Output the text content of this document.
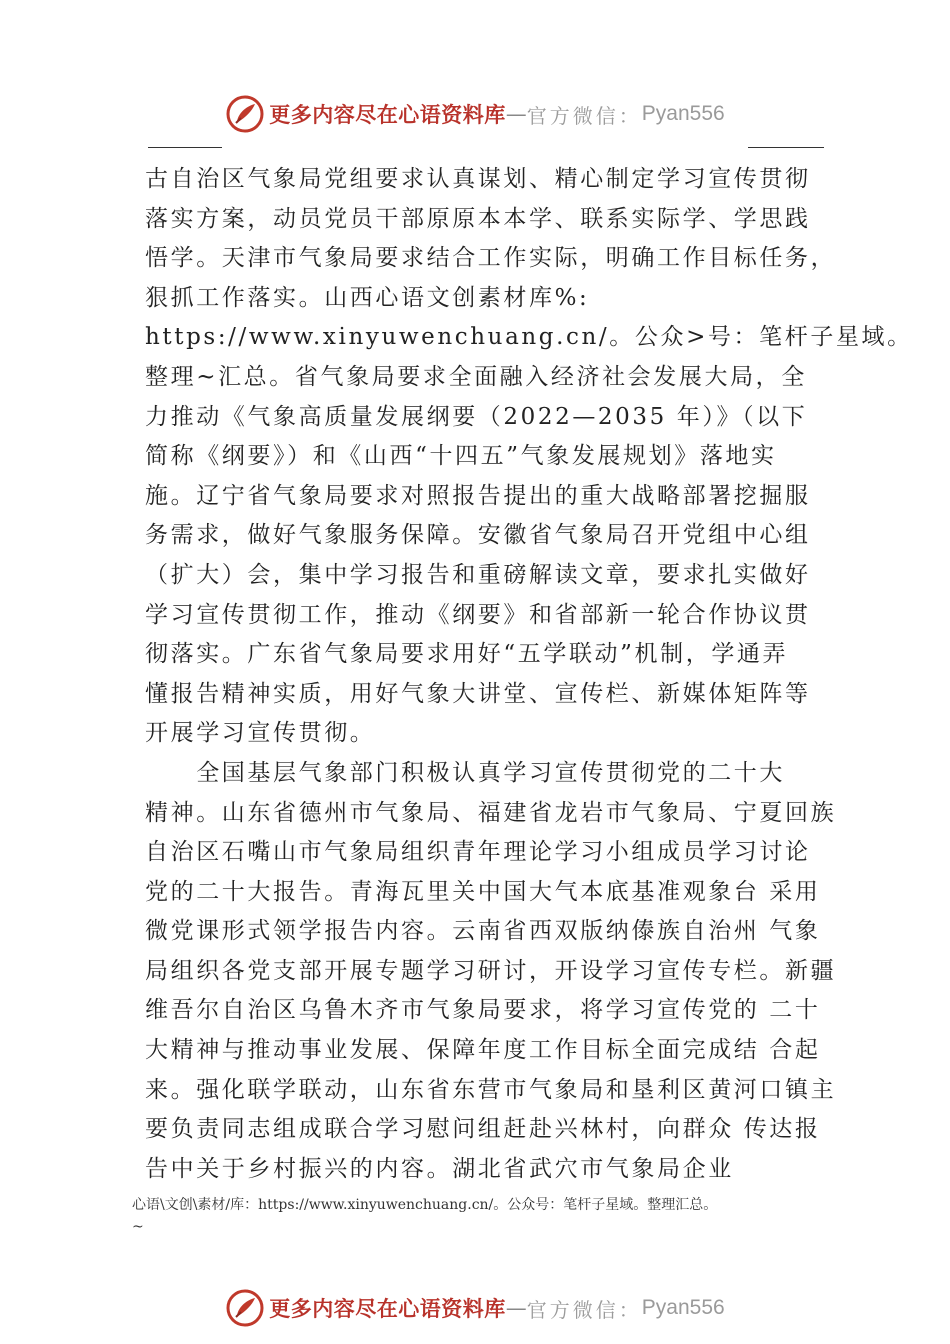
更多内容尽在心语资料库 — 官方微信： Pyan556
古自治区气象局党组要求认真谋划、精心制定学习宣传贯彻
落实方案，动员党员干部原原本本学、联系实际学、学思践
悟学。天津市气象局要求结合工作实际，明确工作目标任务，
狠抓工作落实。山西心语文创素材库%:
https://www.xinyuwenchuang.cn/。公众>号：笔杆子星域。
整理~汇总。省气象局要求全面融入经济社会发展大局，全
力推动《气象高质量发展纲要（2022—2035 年）》（以下
简称《纲要》）和《山西“十四五”气象发展规划》落地实
施。辽宁省气象局要求对照报告提出的重大战略部署挖掘服
务需求，做好气象服务保障。安徽省气象局召开党组中心组
（扩大）会，集中学习报告和重磅解读文章，要求扎实做好
学习宣传贯彻工作，推动《纲要》和省部新一轮合作协议贯
彻落实。广东省气象局要求用好“五学联动”机制，学通弄
懂报告精神实质，用好气象大讲堂、宣传栏、新媒体矩阵等
开展学习宣传贯彻。
　　全国基层气象部门积极认真学习宣传贯彻党的二十大
精神。山东省德州市气象局、福建省龙岩市气象局、宁夏回族
自治区石嘴山市气象局组织青年理论学习小组成员学习讨论
党的二十大报告。青海瓦里关中国大气本底基准观象台 采用
微党课形式领学报告内容。云南省西双版纳傣族自治州 气象
局组织各党支部开展专题学习研讨，开设学习宣传专栏。新疆
维吾尔自治区乌鲁木齐市气象局要求，将学习宣传党的 二十
大精神与推动事业发展、保障年度工作目标全面完成结 合起
来。强化联学联动，山东省东营市气象局和垦利区黄河口镇主
要负责同志组成联合学习慰问组赶赴兴林村，向群众 传达报
告中关于乡村振兴的内容。湖北省武穴市气象局企业
心语\文创\素材/库：https://www.xinyuwenchuang.cn/。公众号：笔杆子星域。整理汇总。
~
更多内容尽在心语资料库 — 官方微信： Pyan556
